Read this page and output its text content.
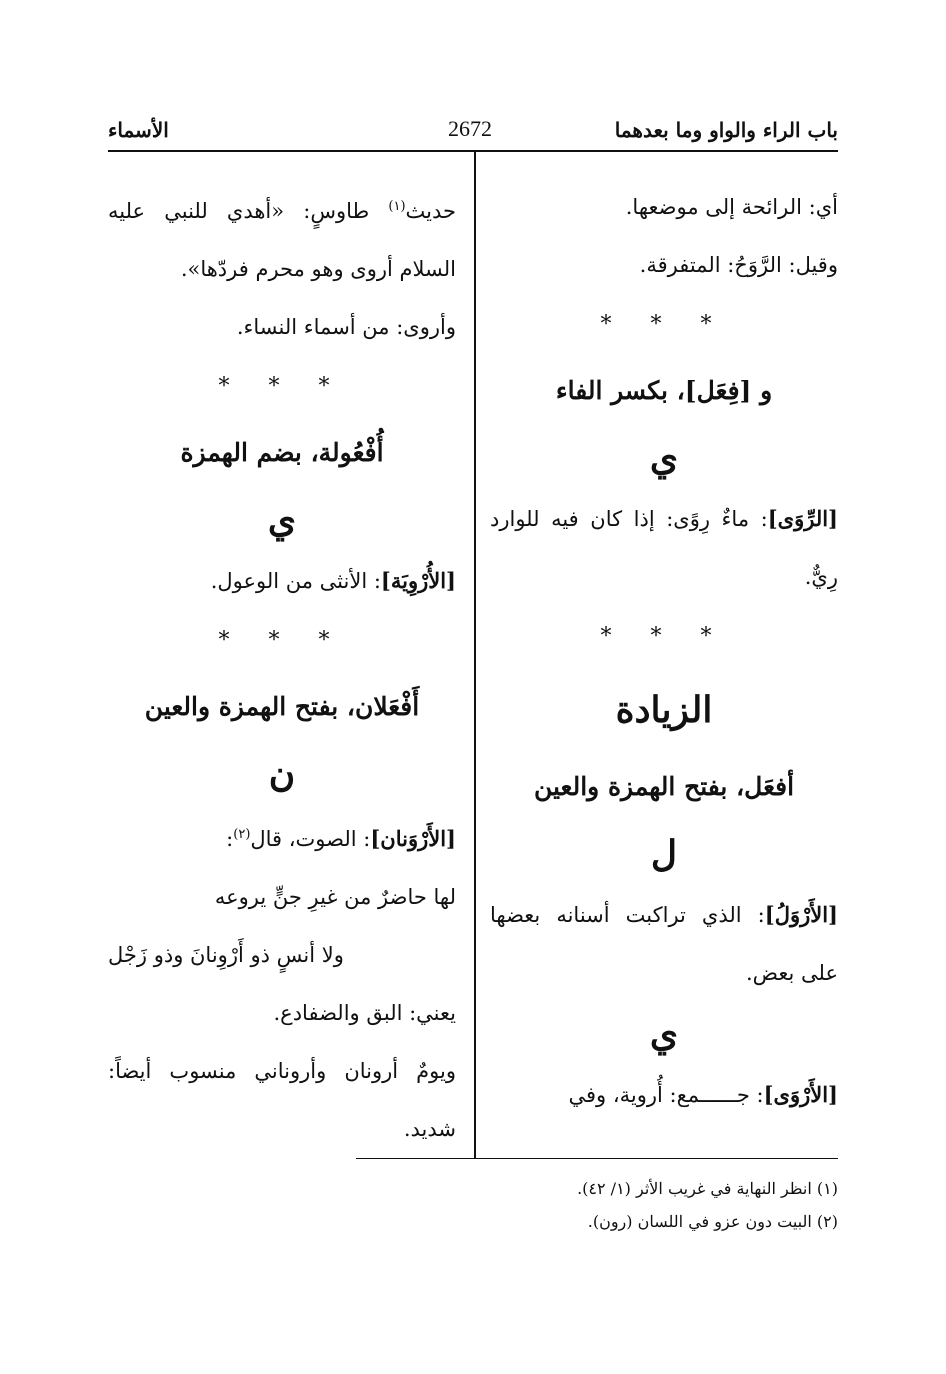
باب الراء والواو وما بعدهما
2672
الأسماء

أي: الرائحة إلى موضعها.

وقيل: الرَّوَحُ: المتفرقة.

* * *
و [فِعَل]، بكسر الفاء
ي

[الرِّوَى]: ماءٌ رِوًى: إذا كان فيه للوارد رِيٌّ.

* * *
الزيادة
أفعَل، بفتح الهمزة والعين
ل

[الأَرْوَلُ]: الذي تراكبت أسنانه بعضها على بعض.

ي

[الأَرْوَى]: جــــــمع: أُروية، وفي

حديث$^{(١)}$ طاوسٍ: «أهدي للنبي عليه السلام أروى وهو محرم فردّها».

وأروى: من أسماء النساء.

* * *
أُفْعُولة، بضم الهمزة
ي

[الأُرْوِيَة]: الأنثى من الوعول.

* * *
أَفْعَلان، بفتح الهمزة والعين
ن

[الأَرْوَنان]: الصوت، قال$^{(٢)}$:

لها حاضرٌ من غيرِ جنٍّ يروعه

ولا أنسٍ ذو أَرْوِنانَ وذو زَجْل

يعني: البق والضفادع.

ويومٌ أرونان وأروناني منسوب أيضاً: شديد.

(١) انظر النهاية في غريب الأثر (١/ ٤٢).
(٢) البيت دون عزو في اللسان (رون).
